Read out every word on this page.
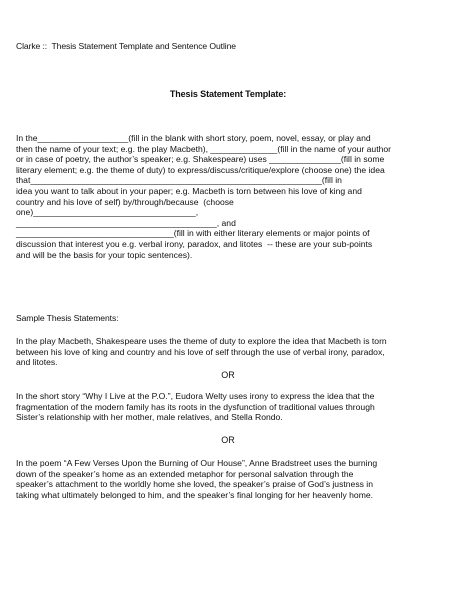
Clarke ::  Thesis Statement Template and Sentence Outline
Thesis Statement Template:
In the___________________(fill in the blank with short story, poem, novel, essay, or play and
then the name of your text; e.g. the play Macbeth), ______________(fill in the name of your author
or in case of poetry, the author’s speaker; e.g. Shakespeare) uses _______________(fill in some
literary element; e.g. the theme of duty) to express/discuss/critique/explore (choose one) the idea
that_____________________________________________________________(fill in
idea you want to talk about in your paper; e.g. Macbeth is torn between his love of king and
country and his love of self) by/through/because  (choose
one)__________________________________,
__________________________________________, and
_________________________________(fill in with either literary elements or major points of
discussion that interest you e.g. verbal irony, paradox, and litotes  -- these are your sub-points
and will be the basis for your topic sentences).
Sample Thesis Statements:
In the play Macbeth, Shakespeare uses the theme of duty to explore the idea that Macbeth is torn
between his love of king and country and his love of self through the use of verbal irony, paradox,
and litotes.
OR
In the short story “Why I Live at the P.O.”, Eudora Welty uses irony to express the idea that the
fragmentation of the modern family has its roots in the dysfunction of traditional values through
Sister’s relationship with her mother, male relatives, and Stella Rondo.
OR
In the poem “A Few Verses Upon the Burning of Our House”, Anne Bradstreet uses the burning
down of the speaker’s home as an extended metaphor for personal salvation through the
speaker’s attachment to the worldly home she loved, the speaker’s praise of God’s justness in
taking what ultimately belonged to him, and the speaker’s final longing for her heavenly home.
